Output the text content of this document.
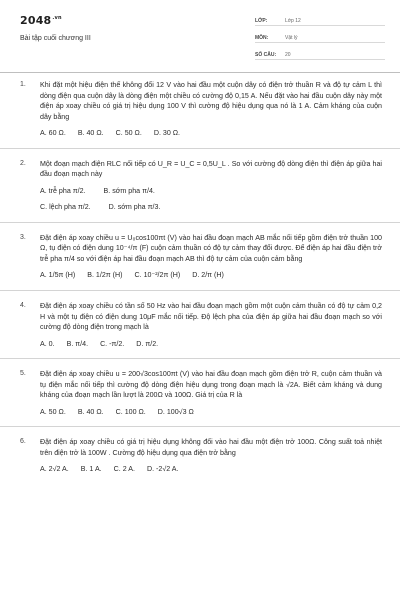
$2048^{.vn}$
Bài tập cuối chương III
LỚP:	Lớp 12
MÔN:	Vật lý
SỐ CÂU:	20
1. Khi đặt một hiệu điện thế không đổi 12 V vào hai đầu một cuộn dây có điện trở thuần R và độ tự cảm L thì dòng điện qua cuộn dây là dòng điện một chiều có cường độ 0,15 A. Nếu đặt vào hai đầu cuộn dây này một điện áp xoay chiều có giá trị hiệu dụng 100 V thì cường độ hiệu dụng qua nó là 1 A. Cảm kháng của cuộn dây bằng
A. 60 Ω. B. 40 Ω. C. 50 Ω. D. 30 Ω.
2. Một đoạn mạch điện RLC nối tiếp có U_R = U_C = 0,5U_L . So với cường độ dòng điện thì điện áp giữa hai đầu đoạn mạch này
A. trễ pha π/2.	B. sớm pha π/4.
C. lệch pha π/2.	D. sớm pha π/3.
3. Đặt điện áp xoay chiều u = U₀cos100πt (V) vào hai đầu đoạn mạch AB mắc nối tiếp gồm điện trở thuần 100 Ω, tụ điện có điện dung 10⁻⁴/π (F) cuộn cảm thuần có độ tự cảm thay đổi được. Để điện áp hai đầu điện trở trễ pha π/4 so với điện áp hai đầu đoạn mạch AB thì độ tự cảm của cuộn cảm bằng
A. 1/5π (H) B. 1/2π (H) C. 10⁻²/2π (H) D. 2/π (H)
4. Đặt điện áp xoay chiều có tần số 50 Hz vào hai đầu đoạn mạch gồm một cuộn cảm thuần có độ tự cảm 0,2 H và một tụ điện có điện dung 10μF mắc nối tiếp. Độ lệch pha của điện áp giữa hai đầu đoạn mạch so với cường độ dòng điện trong mạch là
A. 0. B. π/4. C. -π/2. D. π/2.
5. Đặt điện áp xoay chiều u = 200√3cos100πt (V) vào hai đầu đoạn mạch gồm điện trở R, cuộn cảm thuần và tụ điện mắc nối tiếp thì cường độ dòng điện hiệu dụng trong đoạn mạch là √2A. Biết cảm kháng và dung kháng của đoạn mạch lần lượt là 200Ω và 100Ω. Giá trị của R là
A. 50 Ω. B. 40 Ω. C. 100 Ω. D. 100√3 Ω
6. Đặt điện áp xoay chiều có giá trị hiệu dụng không đổi vào hai đầu một điện trở 100Ω. Công suất toả nhiệt trên điện trở là 100W . Cường độ hiệu dụng qua điện trở bằng
A. 2√2 A. B. 1 A. C. 2 A. D. -2√2 A.
